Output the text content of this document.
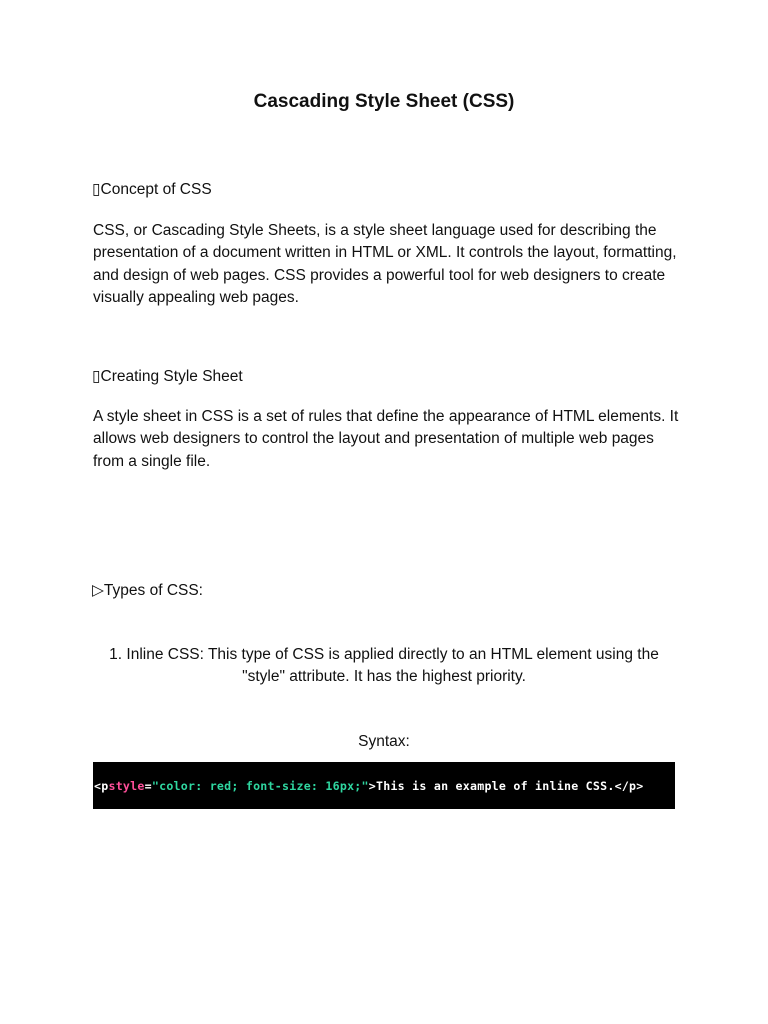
Cascading Style Sheet (CSS)
▯Concept of CSS
CSS, or Cascading Style Sheets, is a style sheet language used for describing the presentation of a document written in HTML or XML. It controls the layout, formatting, and design of web pages. CSS provides a powerful tool for web designers to create visually appealing web pages.
▯Creating Style Sheet
A style sheet in CSS is a set of rules that define the appearance of HTML elements. It allows web designers to control the layout and presentation of multiple web pages from a single file.
▷Types of CSS:
1. Inline CSS: This type of CSS is applied directly to an HTML element using the
"style" attribute. It has the highest priority.
Syntax:
<p style = "color: red; font-size: 16px;" >This is an example of inline CSS.</p>
